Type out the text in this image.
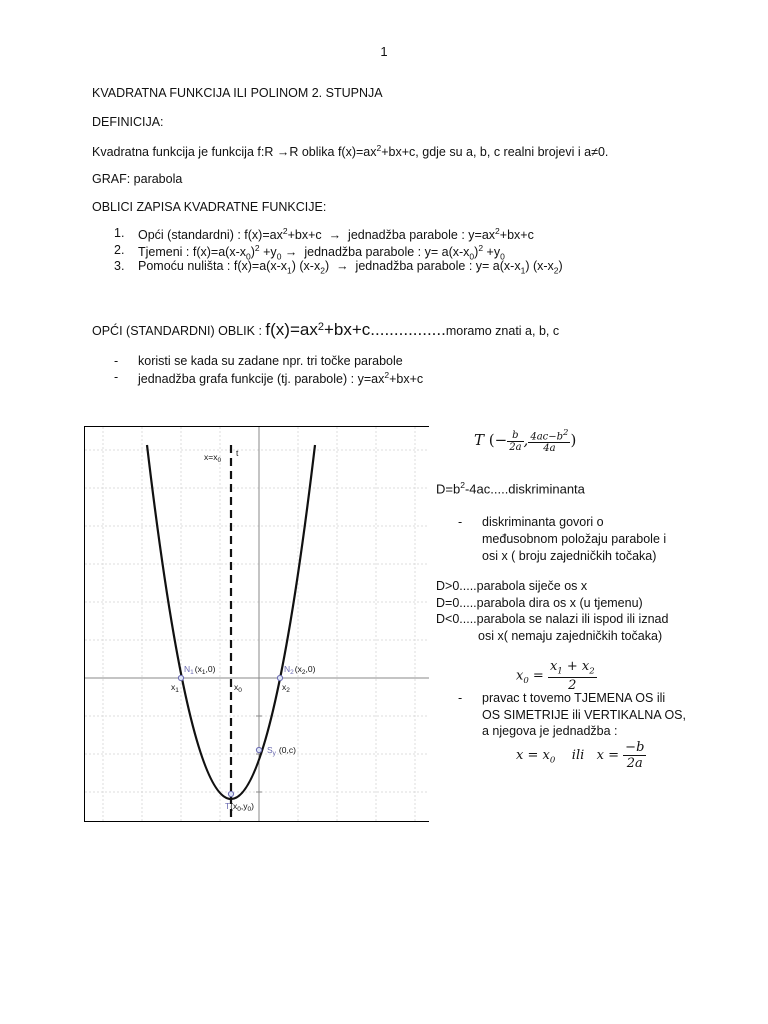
1
KVADRATNA FUNKCIJA ILI POLINOM 2. STUPNJA
DEFINICIJA:
Kvadratna funkcija je funkcija f:R →R oblika $f(x)=ax^2+bx+c$, gdje su a, b, c realni brojevi i a≠0.
GRAF: parabola
OBLICI ZAPISA KVADRATNE FUNKCIJE:
1. Opći (standardni) : $f(x)=ax^2+bx+c$ →  jednadžba parabole : $y=ax^2+bx+c$
2. Tjemeni : $f(x)=a(x-x_0)^2 +y_0$ →  jednadžba parabole : $y= a(x-x_0)^2 +y_0$
3. Pomoću nulišta : $f(x)=a(x-x_1) (x-x_2)$ →  jednadžba parabole : $y= a(x-x_1)$ $(x-x_2)$
OPĆI (STANDARDNI) OBLIK : $f(x)=ax^2+bx+c................moramo$ znati a, b, c
- koristi se kada su zadane npr. tri točke parabole
- jednadžba grafa funkcije (tj. parabole) : $y=ax^2+bx+c$
t
$x=x_0$
$N_1(x_1,0)$	$N_2(x_2,0)$
$x_1$	$x_0$	$x_2$
$S_y$ (0,c)
$T(x_0,y_0)$
T (− $\frac{b}{2a}$ , $\frac{4ac-b^2}{4a}$ )
$D=b^2-4ac.....diskriminanta$
- diskriminanta govori o
međusobnom položaju parabole i
osi x ( broju zajedničkih točaka)
D>0.....parabola siječe os x
D=0.....parabola dira os x (u tjemenu)
D<0.....parabola se nalazi ili ispod ili iznad
osi x( nemaju zajedničkih točaka)
$x_0 = \frac{x_1 + x_2}{2}$
- pravac t tovemo TJEMENA OS ili
OS SIMETRIJE ili VERTIKALNA OS,
a njegova je jednadžba :
$x = x_0$ ili $x = \frac{-b}{2a}$
